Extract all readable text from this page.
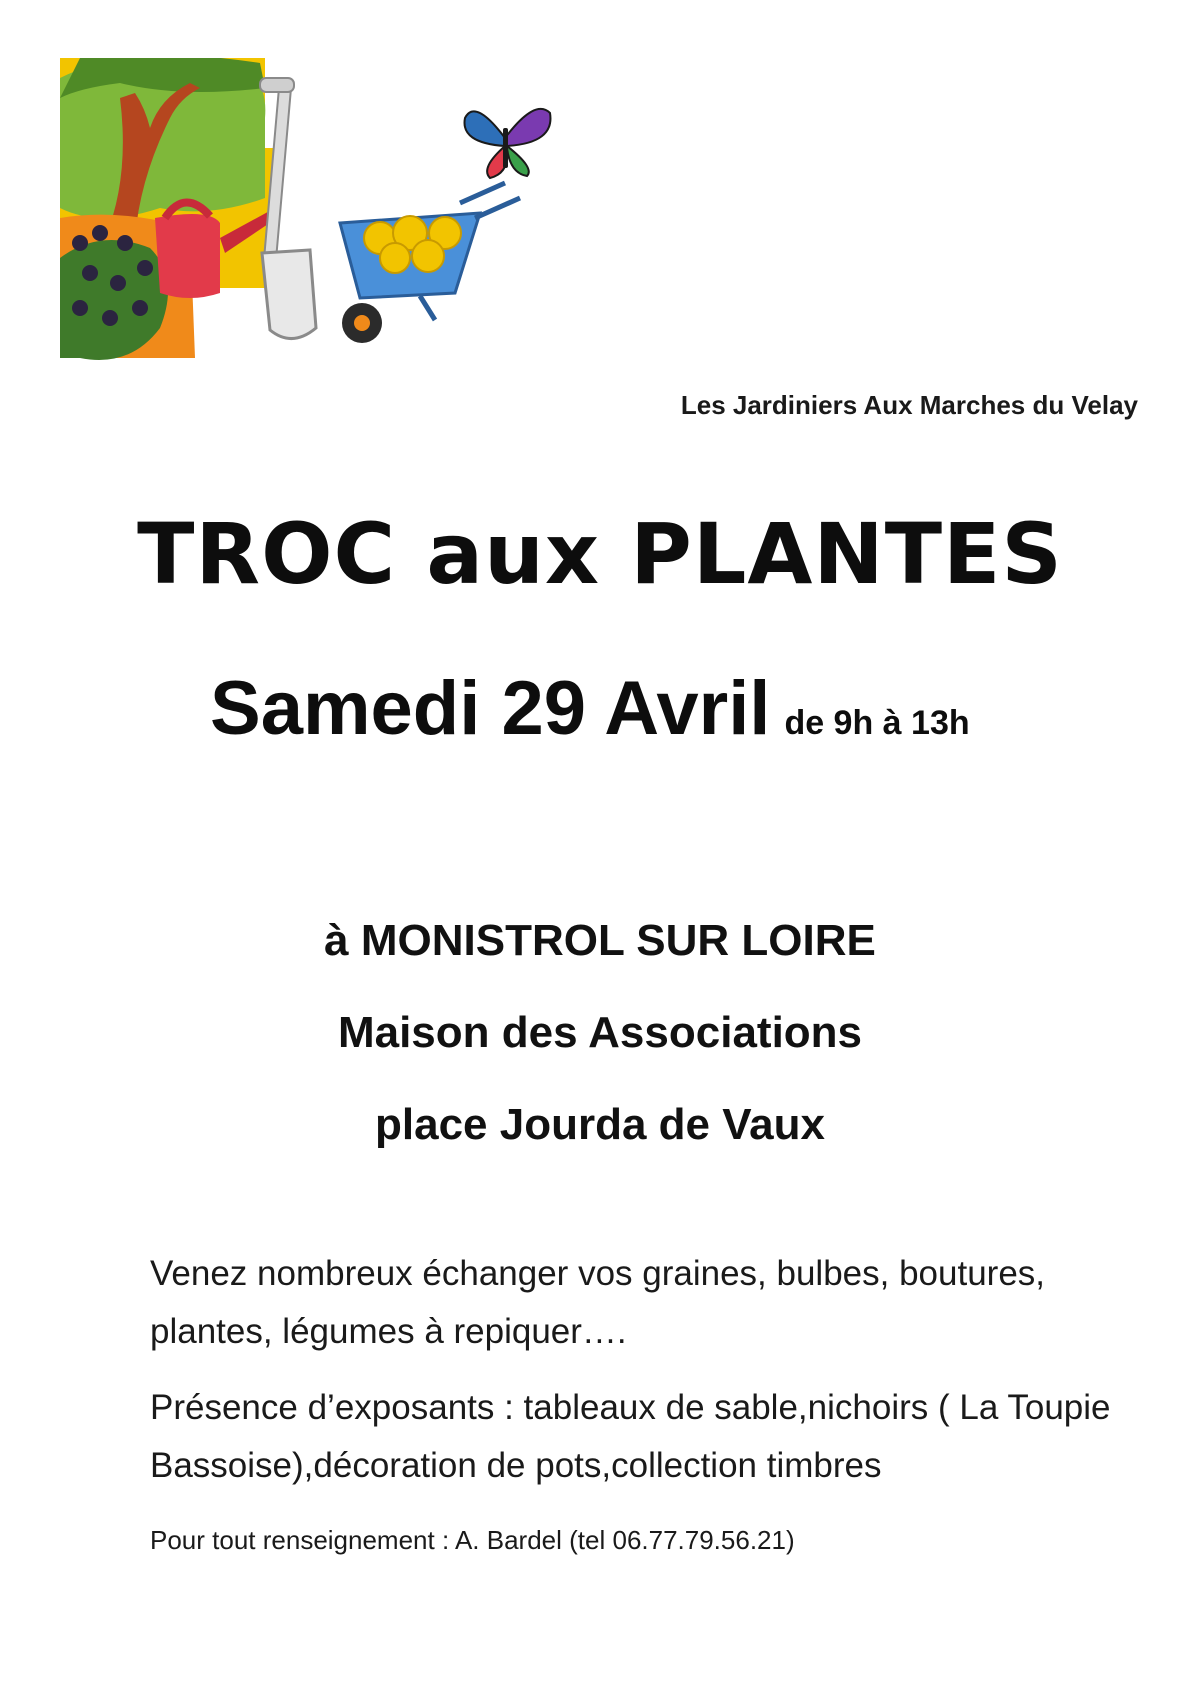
Les Jardiniers Aux Marches du Velay
TROC aux PLANTES
Samedi 29 Avril de 9h à 13h
à MONISTROL SUR LOIRE
Maison des Associations
place Jourda de Vaux

Venez nombreux échanger vos graines, bulbes, boutures, plantes, légumes à repiquer….

Présence d’exposants : tableaux de sable,nichoirs ( La Toupie Bassoise),décoration de pots,collection timbres

Pour tout renseignement : A. Bardel (tel 06.77.79.56.21)
